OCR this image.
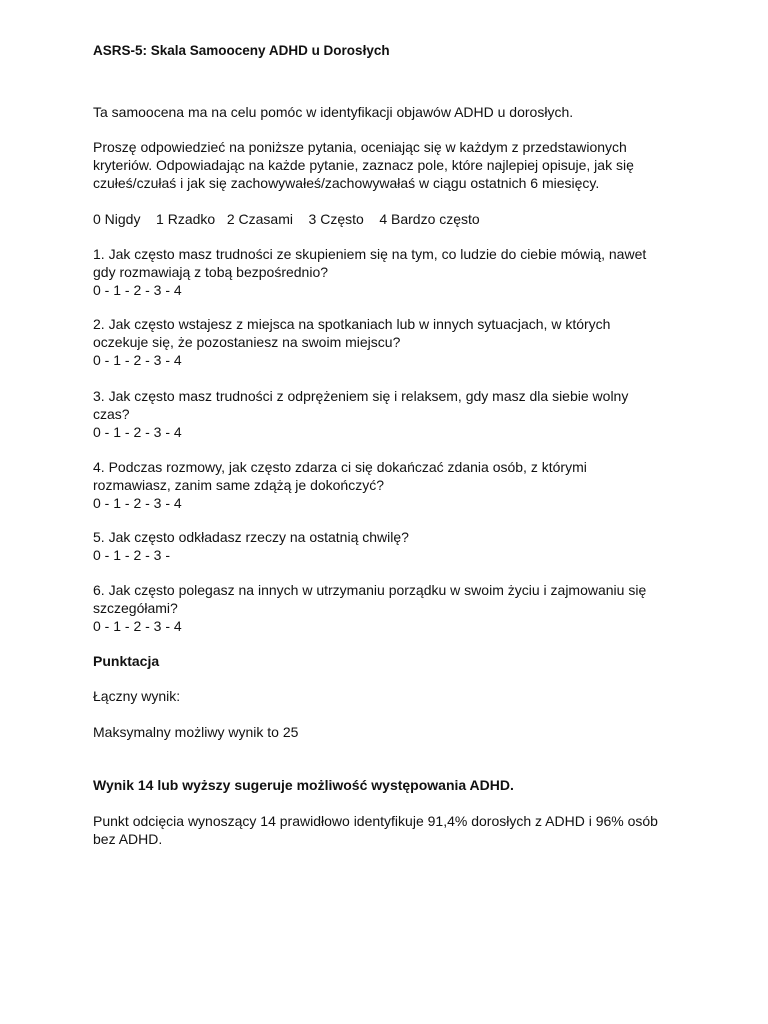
ASRS-5: Skala Samooceny ADHD u Dorosłych

Ta samoocena ma na celu pomóc w identyfikacji objawów ADHD u dorosłych.

Proszę odpowiedzieć na poniższe pytania, oceniając się w każdym z przedstawionych

kryteriów. Odpowiadając na każde pytanie, zaznacz pole, które najlepiej opisuje, jak się

czułeś/czułaś i jak się zachowywałeś/zachowywałaś w ciągu ostatnich 6 miesięcy.

0 Nigdy    1 Rzadko   2 Czasami    3 Często    4 Bardzo często

1. Jak często masz trudności ze skupieniem się na tym, co ludzie do ciebie mówią, nawet

gdy rozmawiają z tobą bezpośrednio?

0 - 1 - 2 - 3 - 4

2. Jak często wstajesz z miejsca na spotkaniach lub w innych sytuacjach, w których

oczekuje się, że pozostaniesz na swoim miejscu?

0 - 1 - 2 - 3 - 4

3. Jak często masz trudności z odprężeniem się i relaksem, gdy masz dla siebie wolny

czas?

0 - 1 - 2 - 3 - 4

4. Podczas rozmowy, jak często zdarza ci się dokańczać zdania osób, z którymi

rozmawiasz, zanim same zdążą je dokończyć?

0 - 1 - 2 - 3 - 4

5. Jak często odkładasz rzeczy na ostatnią chwilę?

0 - 1 - 2 - 3 -

6. Jak często polegasz na innych w utrzymaniu porządku w swoim życiu i zajmowaniu się

szczegółami?

0 - 1 - 2 - 3 - 4

Punktacja

Łączny wynik:

Maksymalny możliwy wynik to 25

Wynik 14 lub wyższy sugeruje możliwość występowania ADHD.

Punkt odcięcia wynoszący 14 prawidłowo identyfikuje 91,4% dorosłych z ADHD i 96% osób

bez ADHD.
